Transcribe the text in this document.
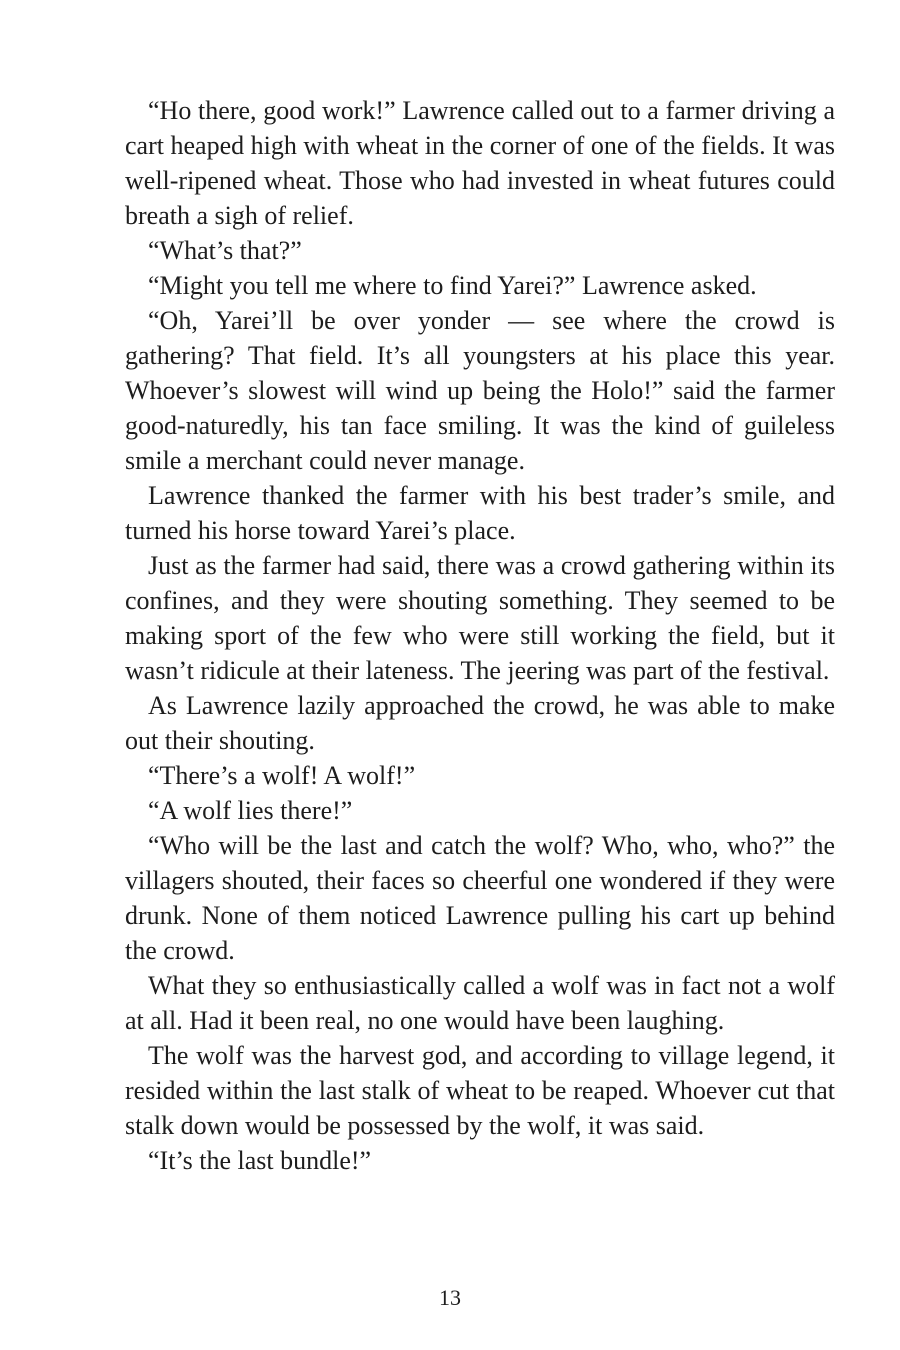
“Ho there, good work!” Lawrence called out to a farmer driving a cart heaped high with wheat in the corner of one of the fields. It was well-ripened wheat. Those who had invested in wheat futures could breath a sigh of relief.

“What’s that?”

“Might you tell me where to find Yarei?” Lawrence asked.

“Oh, Yarei’ll be over yonder — see where the crowd is gathering? That field. It’s all youngsters at his place this year. Whoever’s slowest will wind up being the Holo!” said the farmer good-naturedly, his tan face smiling. It was the kind of guileless smile a merchant could never manage.

Lawrence thanked the farmer with his best trader’s smile, and turned his horse toward Yarei’s place.

Just as the farmer had said, there was a crowd gathering within its confines, and they were shouting something. They seemed to be making sport of the few who were still working the field, but it wasn’t ridicule at their lateness. The jeering was part of the festival.

As Lawrence lazily approached the crowd, he was able to make out their shouting.

“There’s a wolf! A wolf!”

“A wolf lies there!”

“Who will be the last and catch the wolf? Who, who, who?” the villagers shouted, their faces so cheerful one wondered if they were drunk. None of them noticed Lawrence pulling his cart up behind the crowd.

What they so enthusiastically called a wolf was in fact not a wolf at all. Had it been real, no one would have been laughing.

The wolf was the harvest god, and according to village legend, it resided within the last stalk of wheat to be reaped. Whoever cut that stalk down would be possessed by the wolf, it was said.

“It’s the last bundle!”

13
